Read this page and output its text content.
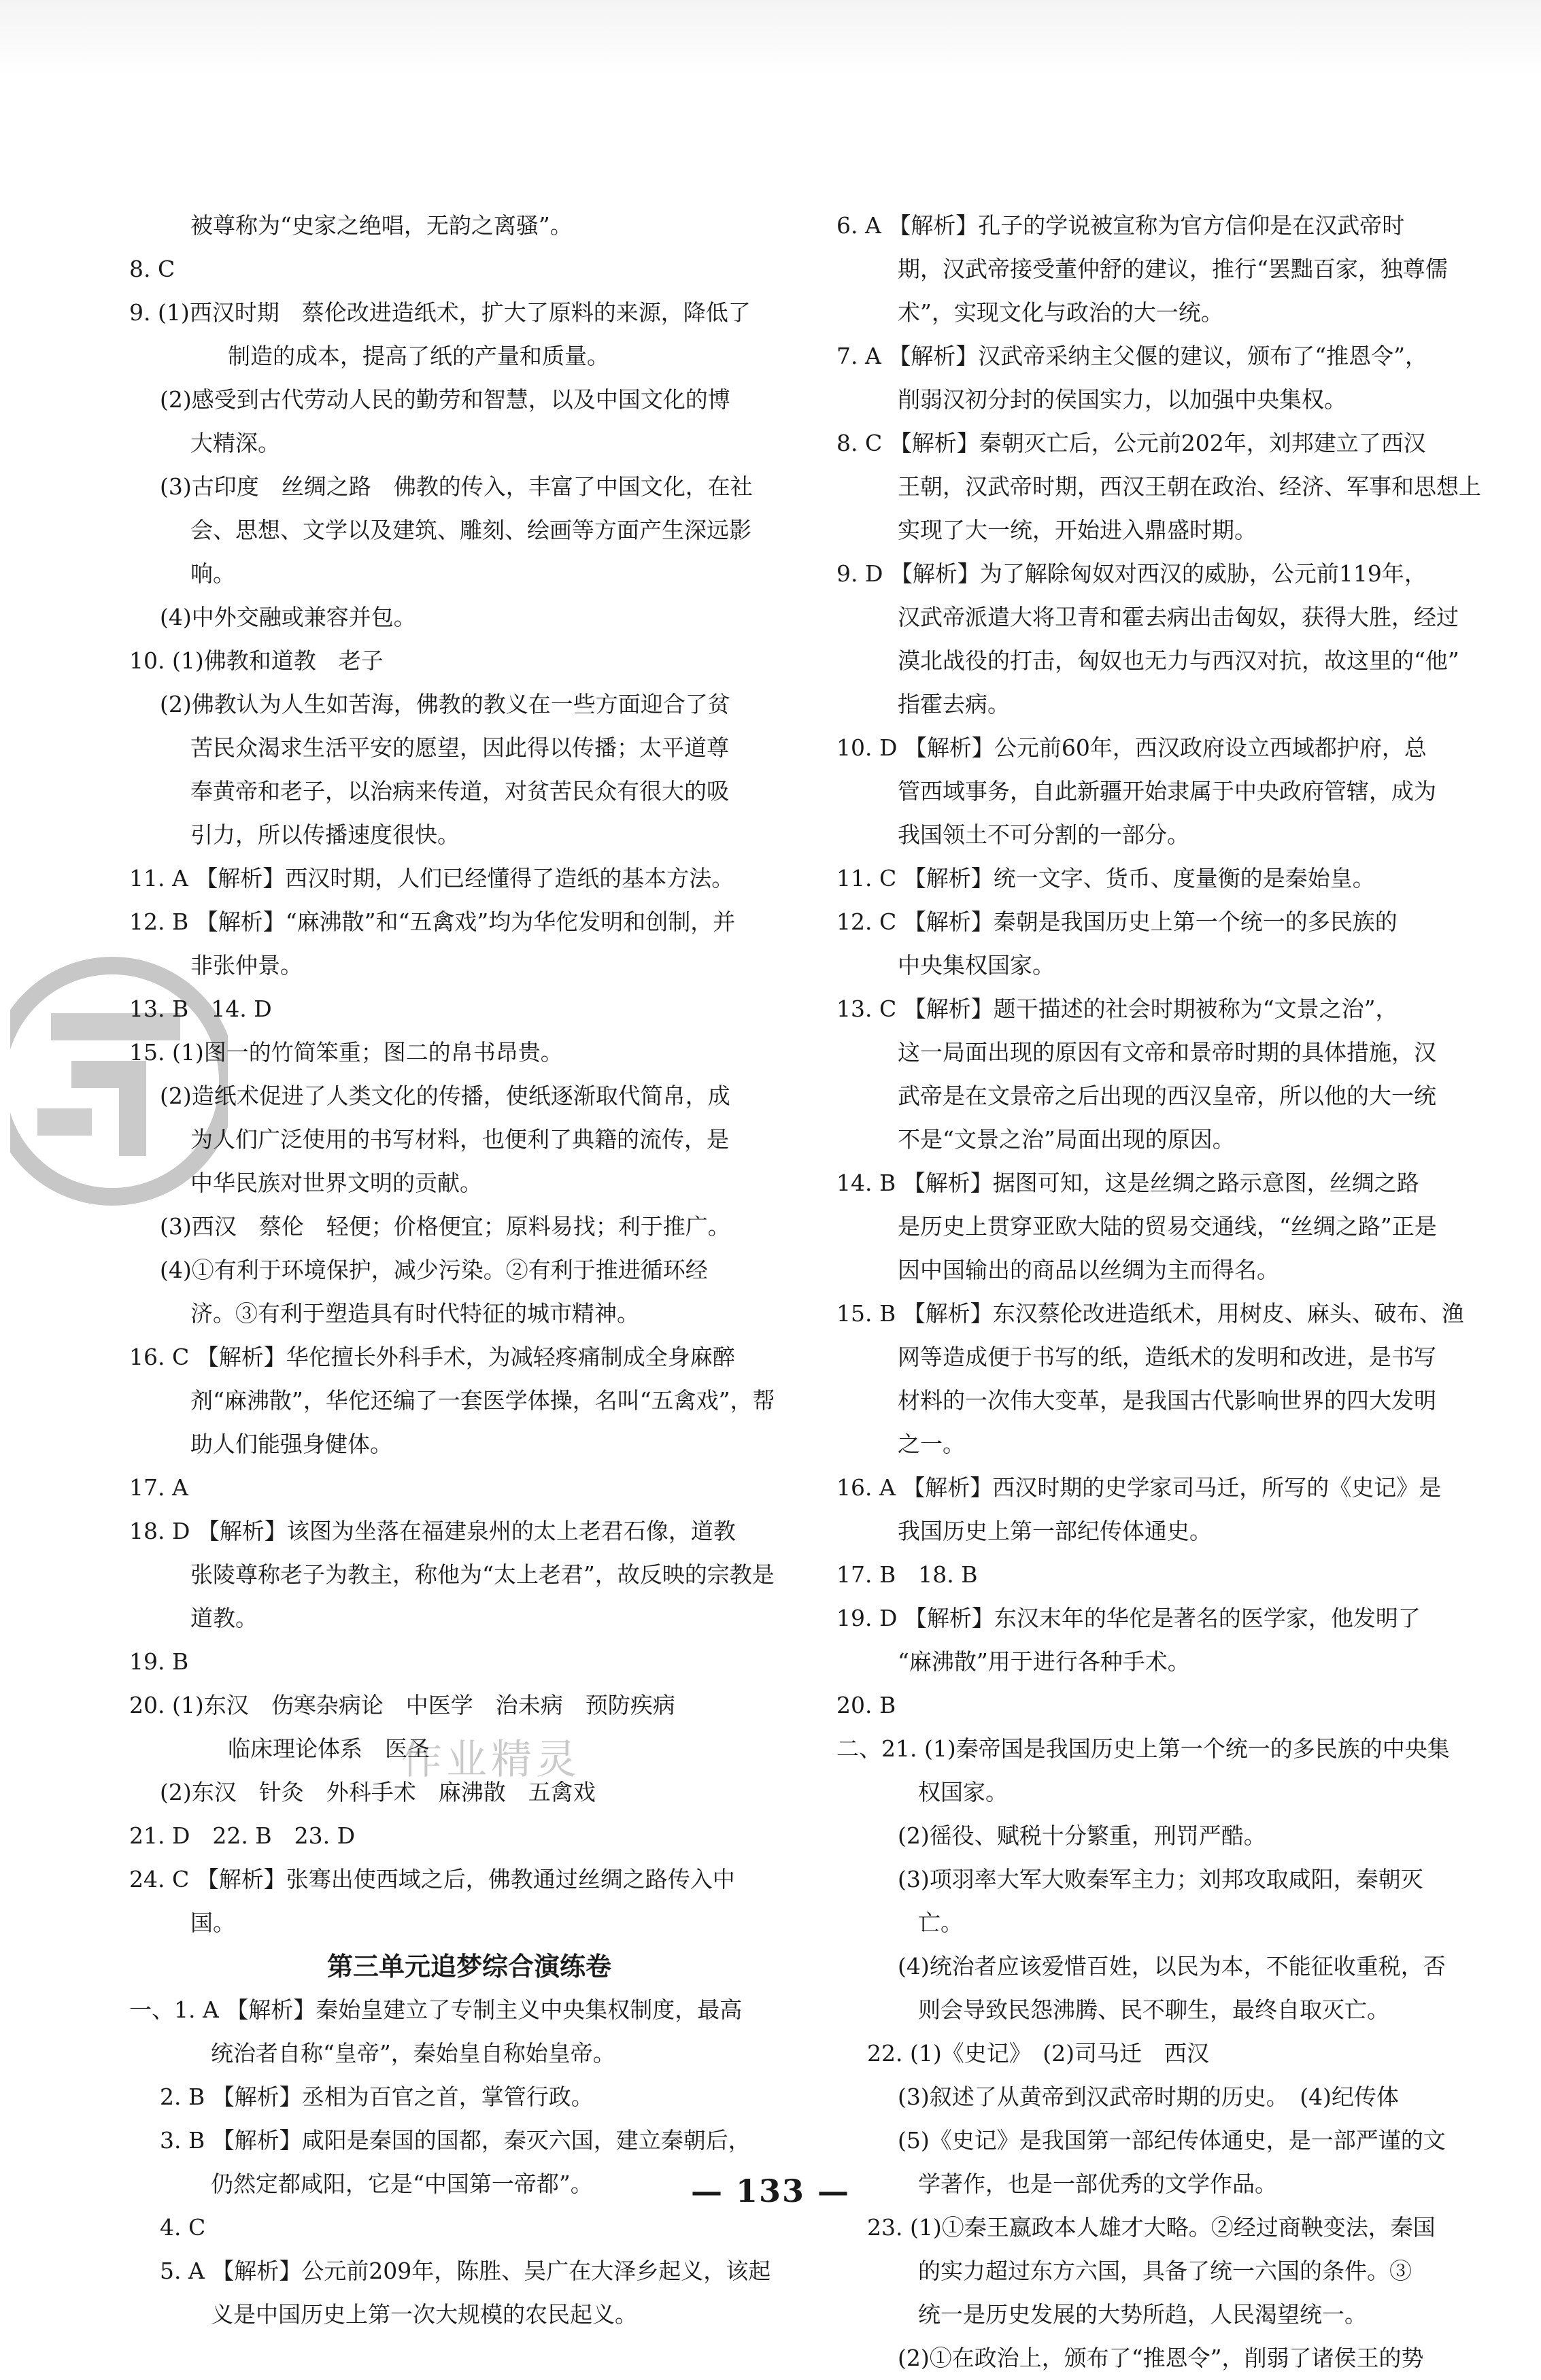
作业精灵
被尊称为“史家之绝唱，无韵之离骚”。
8. C
9. (1)西汉时期　蔡伦改进造纸术，扩大了原料的来源，降低了
制造的成本，提高了纸的产量和质量。
(2)感受到古代劳动人民的勤劳和智慧，以及中国文化的博
大精深。
(3)古印度　丝绸之路　佛教的传入，丰富了中国文化，在社
会、思想、文学以及建筑、雕刻、绘画等方面产生深远影
响。
(4)中外交融或兼容并包。
10. (1)佛教和道教　老子
(2)佛教认为人生如苦海，佛教的教义在一些方面迎合了贫
苦民众渴求生活平安的愿望，因此得以传播；太平道尊
奉黄帝和老子，以治病来传道，对贫苦民众有很大的吸
引力，所以传播速度很快。
11. A 【解析】西汉时期，人们已经懂得了造纸的基本方法。
12. B 【解析】“麻沸散”和“五禽戏”均为华佗发明和创制，并
非张仲景。
13. B　14. D
15. (1)图一的竹简笨重；图二的帛书昂贵。
(2)造纸术促进了人类文化的传播，使纸逐渐取代简帛，成
为人们广泛使用的书写材料，也便利了典籍的流传，是
中华民族对世界文明的贡献。
(3)西汉　蔡伦　轻便；价格便宜；原料易找；利于推广。
(4)①有利于环境保护，减少污染。②有利于推进循环经
济。③有利于塑造具有时代特征的城市精神。
16. C 【解析】华佗擅长外科手术，为减轻疼痛制成全身麻醉
剂“麻沸散”，华佗还编了一套医学体操，名叫“五禽戏”，帮
助人们能强身健体。
17. A
18. D 【解析】该图为坐落在福建泉州的太上老君石像，道教
张陵尊称老子为教主，称他为“太上老君”，故反映的宗教是
道教。
19. B
20. (1)东汉　伤寒杂病论　中医学　治未病　预防疾病
临床理论体系　医圣
(2)东汉　针灸　外科手术　麻沸散　五禽戏
21. D　22. B　23. D
24. C 【解析】张骞出使西域之后，佛教通过丝绸之路传入中
国。
第三单元追梦综合演练卷
一、1. A 【解析】秦始皇建立了专制主义中央集权制度，最高
统治者自称“皇帝”，秦始皇自称始皇帝。
2. B 【解析】丞相为百官之首，掌管行政。
3. B 【解析】咸阳是秦国的国都，秦灭六国，建立秦朝后，
仍然定都咸阳，它是“中国第一帝都”。
4. C
5. A 【解析】公元前209年，陈胜、吴广在大泽乡起义，该起
义是中国历史上第一次大规模的农民起义。
6. A 【解析】孔子的学说被宣称为官方信仰是在汉武帝时
期，汉武帝接受董仲舒的建议，推行“罢黜百家，独尊儒
术”，实现文化与政治的大一统。
7. A 【解析】汉武帝采纳主父偃的建议，颁布了“推恩令”，
削弱汉初分封的侯国实力，以加强中央集权。
8. C 【解析】秦朝灭亡后，公元前202年，刘邦建立了西汉
王朝，汉武帝时期，西汉王朝在政治、经济、军事和思想上
实现了大一统，开始进入鼎盛时期。
9. D 【解析】为了解除匈奴对西汉的威胁，公元前119年，
汉武帝派遣大将卫青和霍去病出击匈奴，获得大胜，经过
漠北战役的打击，匈奴也无力与西汉对抗，故这里的“他”
指霍去病。
10. D 【解析】公元前60年，西汉政府设立西域都护府，总
管西域事务，自此新疆开始隶属于中央政府管辖，成为
我国领土不可分割的一部分。
11. C 【解析】统一文字、货币、度量衡的是秦始皇。
12. C 【解析】秦朝是我国历史上第一个统一的多民族的
中央集权国家。
13. C 【解析】题干描述的社会时期被称为“文景之治”，
这一局面出现的原因有文帝和景帝时期的具体措施，汉
武帝是在文景帝之后出现的西汉皇帝，所以他的大一统
不是“文景之治”局面出现的原因。
14. B 【解析】据图可知，这是丝绸之路示意图，丝绸之路
是历史上贯穿亚欧大陆的贸易交通线，“丝绸之路”正是
因中国输出的商品以丝绸为主而得名。
15. B 【解析】东汉蔡伦改进造纸术，用树皮、麻头、破布、渔
网等造成便于书写的纸，造纸术的发明和改进，是书写
材料的一次伟大变革，是我国古代影响世界的四大发明
之一。
16. A 【解析】西汉时期的史学家司马迁，所写的《史记》是
我国历史上第一部纪传体通史。
17. B　18. B
19. D 【解析】东汉末年的华佗是著名的医学家，他发明了
“麻沸散”用于进行各种手术。
20. B
二、21. (1)秦帝国是我国历史上第一个统一的多民族的中央集
权国家。
(2)徭役、赋税十分繁重，刑罚严酷。
(3)项羽率大军大败秦军主力；刘邦攻取咸阳，秦朝灭
亡。
(4)统治者应该爱惜百姓，以民为本，不能征收重税，否
则会导致民怨沸腾、民不聊生，最终自取灭亡。
22. (1)《史记》　(2)司马迁　西汉
(3)叙述了从黄帝到汉武帝时期的历史。　(4)纪传体
(5)《史记》是我国第一部纪传体通史，是一部严谨的文
学著作，也是一部优秀的文学作品。
23. (1)①秦王嬴政本人雄才大略。②经过商鞅变法，秦国
的实力超过东方六国，具备了统一六国的条件。③
统一是历史发展的大势所趋，人民渴望统一。
(2)①在政治上，颁布了“推恩令”，削弱了诸侯王的势
— 133 —
